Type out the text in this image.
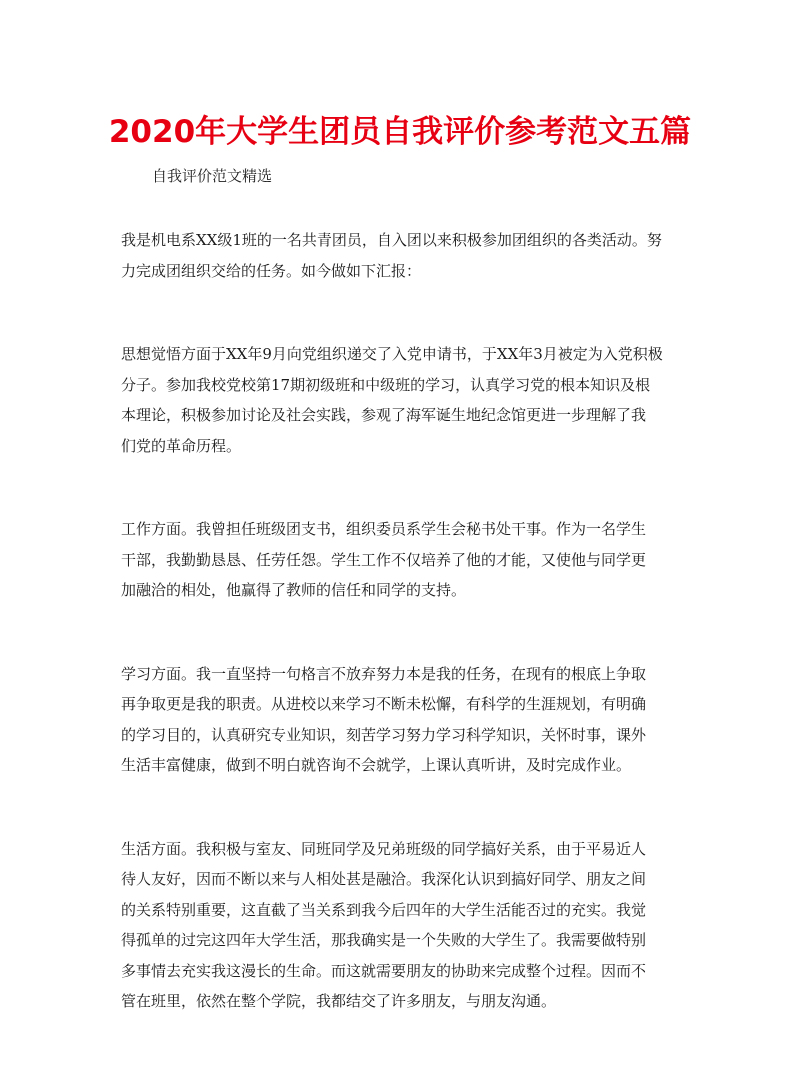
2020年大学生团员自我评价参考范文五篇
自我评价范文精选
我是机电系XX级1班的一名共青团员，自入团以来积极参加团组织的各类活动。努
力完成团组织交给的任务。如今做如下汇报：
思想觉悟方面于XX年9月向党组织递交了入党申请书，于XX年3月被定为入党积极
分子。参加我校党校第17期初级班和中级班的学习，认真学习党的根本知识及根
本理论，积极参加讨论及社会实践，参观了海军诞生地纪念馆更进一步理解了我
们党的革命历程。
工作方面。我曾担任班级团支书，组织委员系学生会秘书处干事。作为一名学生
干部，我勤勤恳恳、任劳任怨。学生工作不仅培养了他的才能，又使他与同学更
加融洽的相处，他赢得了教师的信任和同学的支持。
学习方面。我一直坚持一句格言不放弃努力本是我的任务，在现有的根底上争取
再争取更是我的职责。从进校以来学习不断未松懈，有科学的生涯规划，有明确
的学习目的，认真研究专业知识，刻苦学习努力学习科学知识，关怀时事，课外
生活丰富健康，做到不明白就咨询不会就学，上课认真听讲，及时完成作业。
生活方面。我积极与室友、同班同学及兄弟班级的同学搞好关系，由于平易近人
待人友好，因而不断以来与人相处甚是融洽。我深化认识到搞好同学、朋友之间
的关系特别重要，这直截了当关系到我今后四年的大学生活能否过的充实。我觉
得孤单的过完这四年大学生活，那我确实是一个失败的大学生了。我需要做特别
多事情去充实我这漫长的生命。而这就需要朋友的协助来完成整个过程。因而不
管在班里，依然在整个学院，我都结交了许多朋友，与朋友沟通。
